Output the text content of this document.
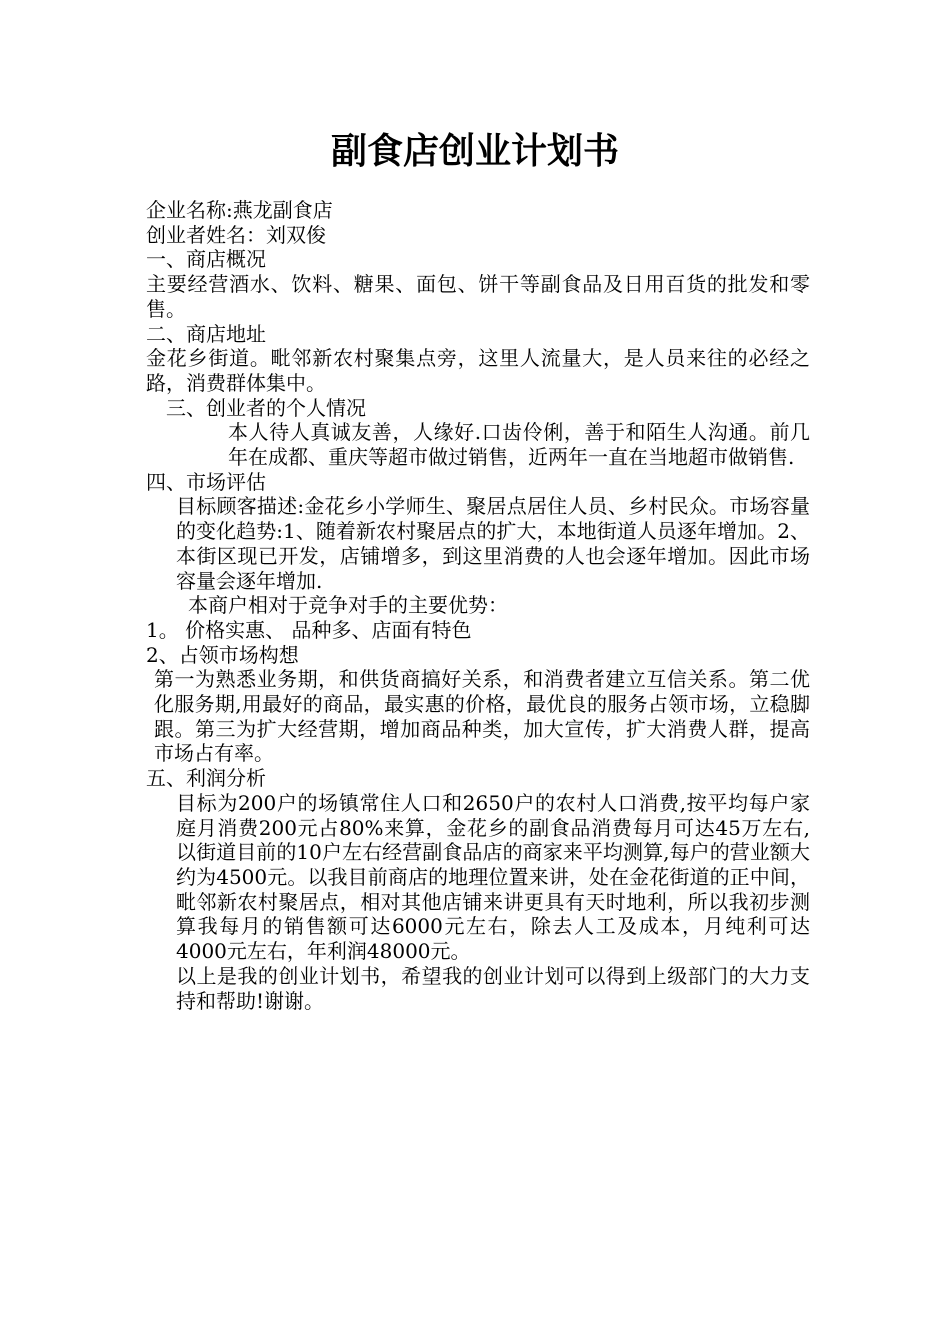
副食店创业计划书

企业名称:燕龙副食店

创业者姓名：刘双俊

一、商店概况

主要经营酒水、饮料、糖果、面包、饼干等副食品及日用百货的批发和零售。

二、商店地址

金花乡街道。毗邻新农村聚集点旁，这里人流量大，是人员来往的必经之路，消费群体集中。

三、创业者的个人情况

本人待人真诚友善，人缘好.口齿伶俐，善于和陌生人沟通。前几年在成都、重庆等超市做过销售，近两年一直在当地超市做销售.

四、市场评估

目标顾客描述:金花乡小学师生、聚居点居住人员、乡村民众。市场容量的变化趋势:1、随着新农村聚居点的扩大，本地街道人员逐年增加。2、本街区现已开发，店铺增多，到这里消费的人也会逐年增加。因此市场容量会逐年增加.

本商户相对于竞争对手的主要优势：

1。 价格实惠、 品种多、店面有特色

2、占领市场构想

第一为熟悉业务期，和供货商搞好关系，和消费者建立互信关系。第二优化服务期,用最好的商品，最实惠的价格，最优良的服务占领市场，立稳脚跟。第三为扩大经营期，增加商品种类，加大宣传，扩大消费人群，提高市场占有率。

五、利润分析

目标为200户的场镇常住人口和2650户的农村人口消费,按平均每户家庭月消费200元占80%来算，金花乡的副食品消费每月可达45万左右,以街道目前的10户左右经营副食品店的商家来平均测算,每户的营业额大约为4500元。以我目前商店的地理位置来讲，处在金花街道的正中间，毗邻新农村聚居点，相对其他店铺来讲更具有天时地利，所以我初步测算我每月的销售额可达6000元左右，除去人工及成本，月纯利可达4000元左右，年利润48000元。

以上是我的创业计划书，希望我的创业计划可以得到上级部门的大力支持和帮助!谢谢。
